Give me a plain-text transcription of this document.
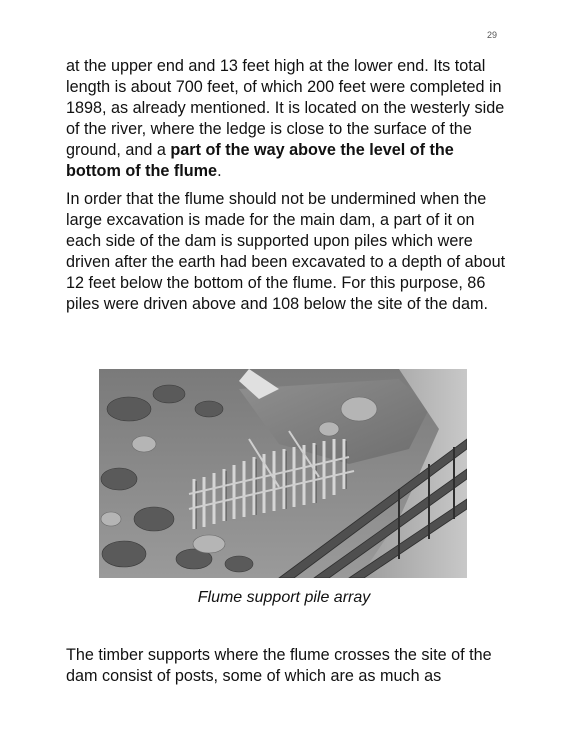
29

at the upper end and 13 feet high at the lower end. Its total length is about 700 feet, of which 200 feet were completed in 1898, as already mentioned. It is located on the westerly side of the river, where the ledge is close to the surface of the ground, and a part of the way above the level of the bottom of the flume.

In order that the flume should not be undermined when the large excavation is made for the main dam, a part of it on each side of the dam is supported upon piles which were driven after the earth had been excavated to a depth of about 12 feet below the bottom of the flume. For this purpose, 86 piles were driven above and 108 below the site of the dam.

Flume support pile array

The timber supports where the flume crosses the site of the dam consist of posts, some of which are as much as
